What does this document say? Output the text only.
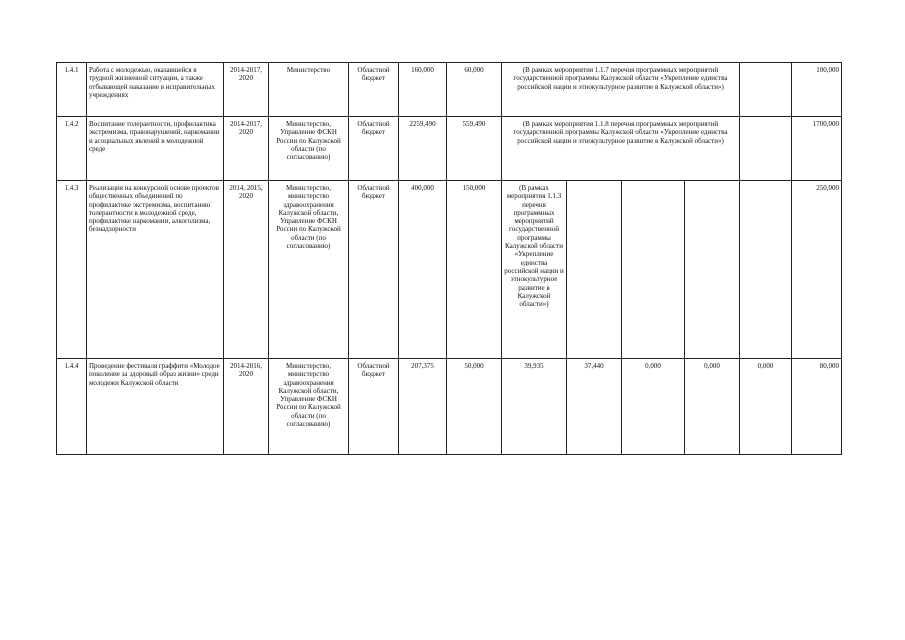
1.4.1	Работа с молодежью, оказавшейся в трудной жизненной ситуации, а также отбывающей наказание в исправительных учреждениях	2014-2017, 2020	Министерство	Областной бюджет	160,000	60,000	(В рамках мероприятия 1.1.7 перечня программных мероприятий государственной программы Калужской области «Укрепление единства российской нации и этнокультурное развитие в Калужской области»)					100,000
1.4.2	Воспитание толерантности, профилактика экстремизма, правонарушений, наркомании и асоциальных явлений в молодежной среде	2014-2017, 2020	Министерство, Управление ФСКН России по Калужской области (по согласованию)	Областной бюджет	2259,490	559,490	(В рамках мероприятия 1.1.8 перечня программных мероприятий государственной программы Калужской области «Укрепление единства российской нации и этнокультурное развитие в Калужской области»)					1700,000
1.4.3	Реализация на конкурсной основе проектов общественных объединений по профилактике экстремизма, воспитанию толерантности в молодежной среде, профилактике наркомании, алкоголизма, безнадзорности	2014, 2015, 2020	Министерство, министерство здравоохранения Калужской области, Управление ФСКН России по Калужской области (по согласованию)	Областной бюджет	400,000	150,000	(В рамках мероприятия 1.1.3 перечня программных мероприятий государственной программы Калужской области «Укрепление единства российской нации и этнокультурное развитие в Калужской области»)					250,000
1.4.4	Проведение фестиваля граффити «Молодое поколение за здоровый образ жизни» среди молодежи Калужской области	2014-2016, 2020	Министерство, министерство здравоохранения Калужской области, Управление ФСКН России по Калужской области (по согласованию)	Областной бюджет	207,375	50,000	39,935	37,440	0,000	0,000	0,000	80,000
